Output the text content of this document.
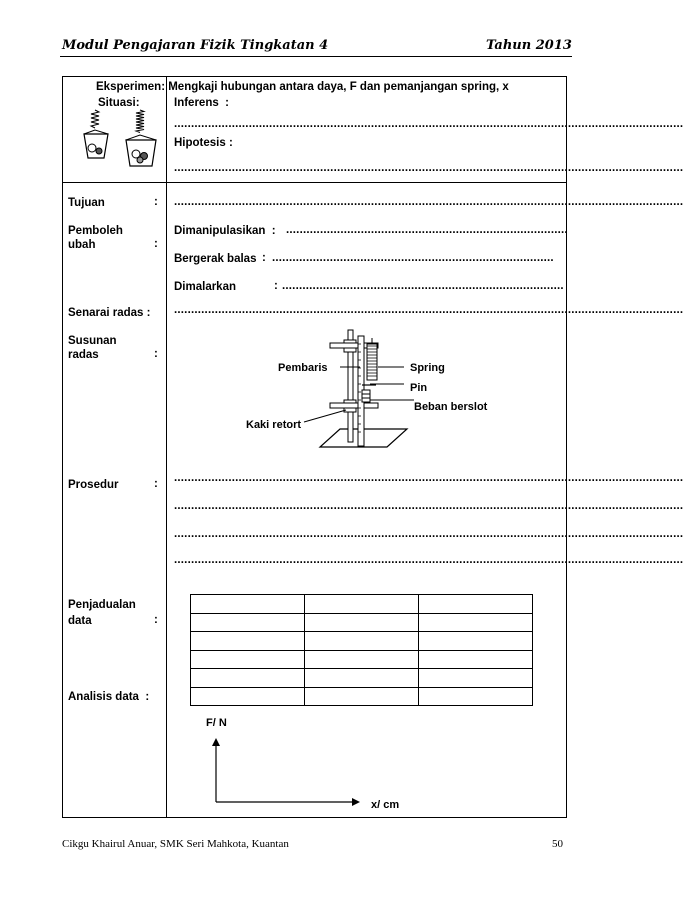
Modul Pengajaran Fizik Tingkatan 4	Tahun 2013
Eksperimen: Mengkaji hubungan antara daya, F dan pemanjangan spring, x
Situasi:	Inferens  :
......................................................................................................................................................
Hipotesis :
......................................................................................................................................................
Tujuan	: ......................................................................................................................................................
Pemboleh
ubah	:
Dimanipulasikan  : ...................................................................................
Bergerak balas : ...................................................................................
Dimalarkan	: ...................................................................................
Senarai radas : ......................................................................................................................................................
Susunan
radas	:
Pembaris	Spring
Pin
Beban berslot
Kaki retort
Prosedur	: ......................................................................................................................................................
......................................................................................................................................................
......................................................................................................................................................
......................................................................................................................................................
Penjadualan
data	:

Analisis data  :
F/ N
x/ cm
Cikgu Khairul Anuar, SMK Seri Mahkota, Kuantan	50
